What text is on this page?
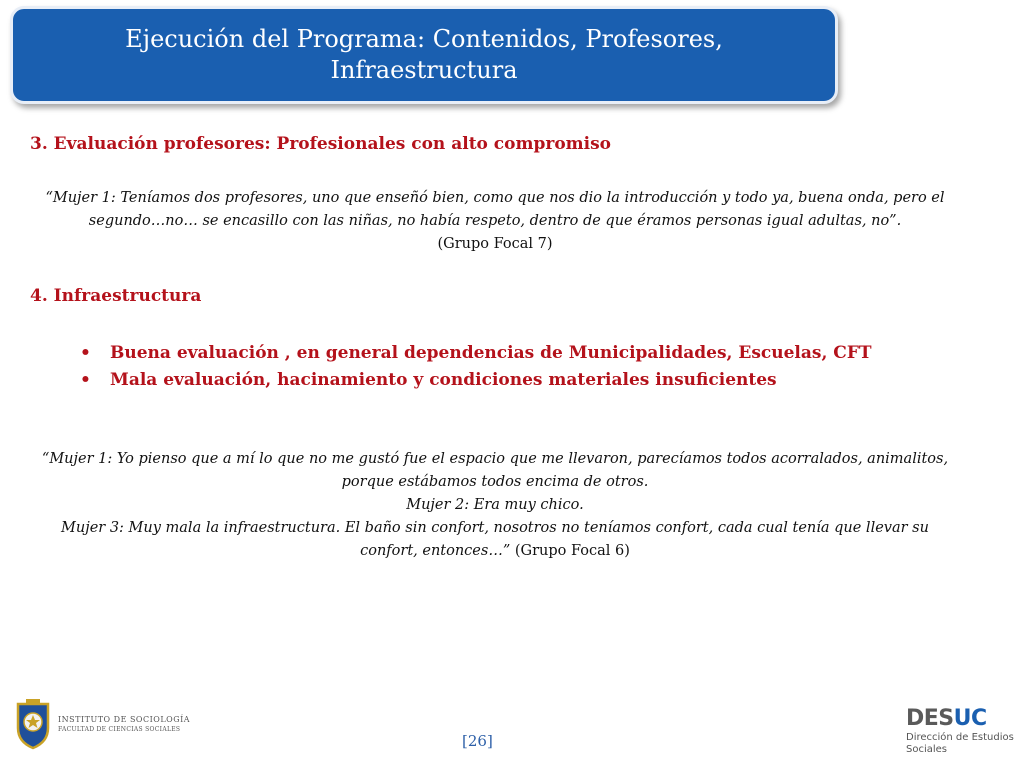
Ejecución del Programa: Contenidos, Profesores,
Infraestructura
3. Evaluación profesores: Profesionales con alto compromiso
“Mujer 1: Teníamos dos profesores, uno que enseñó bien, como que nos dio la introducción y todo ya, buena onda, pero el
segundo…no… se encasillo con las niñas, no había respeto, dentro de que éramos personas igual adultas, no”.
(Grupo Focal 7)
4. Infraestructura
• Buena evaluación , en general dependencias de Municipalidades, Escuelas, CFT
• Mala evaluación, hacinamiento y condiciones materiales insuficientes
“Mujer 1: Yo pienso que a mí lo que no me gustó fue el espacio que me llevaron, parecíamos todos acorralados, animalitos,
porque estábamos todos encima de otros.
Mujer 2: Era muy chico.
Mujer 3: Muy mala la infraestructura. El baño sin confort, nosotros no teníamos confort, cada cual tenía que llevar su
confort, entonces…” (Grupo Focal 6)
INSTITUTO DE SOCIOLOGÍA
FACULTAD DE CIENCIAS SOCIALES
[26]
DESUC
Dirección de Estudios Sociales
